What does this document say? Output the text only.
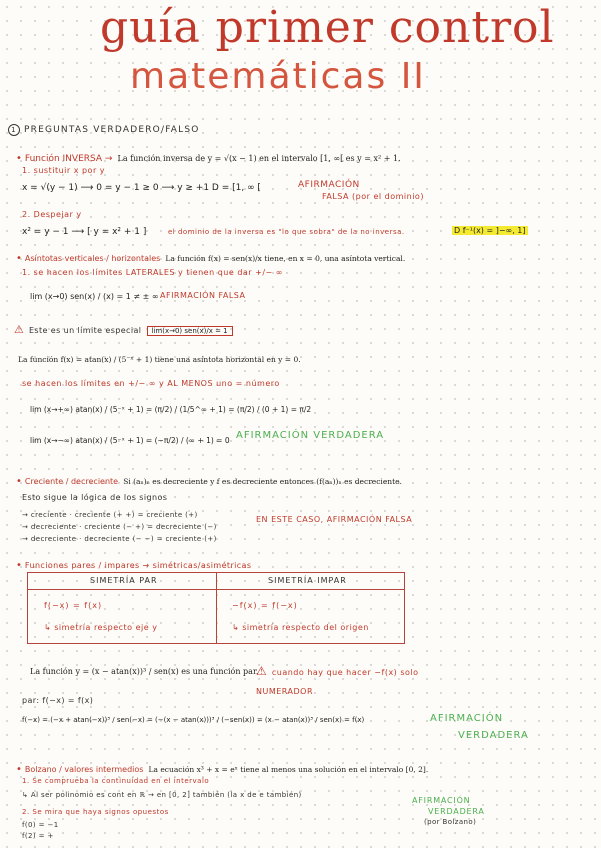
guía primer control
matemáticas II
1 PREGUNTAS VERDADERO/FALSO
• Función INVERSA → La función inversa de y = √(x − 1) en el intervalo [1, ∞[ es y = x² + 1.
1. sustituir x por y
x = √(y − 1) ⟶ 0 = y − 1 ≥ 0 ⟶ y ≥ +1 D = [1, ∞ [	AFIRMACIÓN
FALSA (por el dominio)
2. Despejar y
x² = y − 1 ⟶ [ y = x² + 1 ]	el dominio de la inversa es "lo que sobra" de la no inversa.	D f⁻¹(x) = ]−∞, 1]
• Asíntotas verticales / horizontales La función f(x) = sen(x)/x tiene, en x = 0, una asíntota vertical.
1. se hacen los límites LATERALES y tienen que dar +/− ∞
lim (x→0) sen(x) / (x) = 1 ≠ ± ∞ AFIRMACIÓN FALSA
⚠ Este es un límite especial lim(x→0) sen(x)/x = 1
La función f(x) = atan(x) / (5⁻ˣ + 1) tiene una asíntota horizontal en y = 0.
se hacen los límites en +/− ∞ y AL MENOS uno = número
lim (x→+∞) atan(x) / (5⁻ˣ + 1) = (π/2) / (1/5^∞ + 1) = (π/2) / (0 + 1) = π/2
lim (x→−∞) atan(x) / (5⁻ˣ + 1) = (−π/2) / (∞ + 1) = 0 AFIRMACIÓN VERDADERA
• Creciente / decreciente Si (aₙ)ₙ es decreciente y f es decreciente entonces (f(aₙ))ₙ es decreciente.
Esto sigue la lógica de los signos
→ creciente · creciente (+ +) = creciente (+)
→ decreciente · creciente (− +) = decreciente (−)
→ decreciente · decreciente (− −) = creciente (+)
EN ESTE CASO, AFIRMACIÓN FALSA
• Funciones pares / impares → simétricas/asimétricas
SIMETRÍA PAR	SIMETRÍA IMPAR
f(−x) = f(x)	−f(x) = f(−x)
↳ simetría respecto eje y	↳ simetría respecto del origen
La función y = (x − atan(x))³ / sen(x) es una función par.
⚠ cuando hay que hacer −f(x) solo NUMERADOR
par: f(−x) = f(x)
f(−x) = (−x + atan(−x))³ / sen(−x) = (−(x − atan(x)))³ / (−sen(x)) = (x − atan(x))³ / sen(x) = f(x)	AFIRMACIÓN
VERDADERA
• Bolzano / valores intermedios La ecuación x³ + x = eˣ tiene al menos una solución en el intervalo [0, 2].
1. Se comprueba la continuidad en el intervalo
↳ Al ser polinomio es cont en ℝ → en [0, 2] también (la x de e también)
2. Se mira que haya signos opuestos
f(0) = −1
f(2) = +
AFIRMACIÓN
VERDADERA
(por Bolzano)
